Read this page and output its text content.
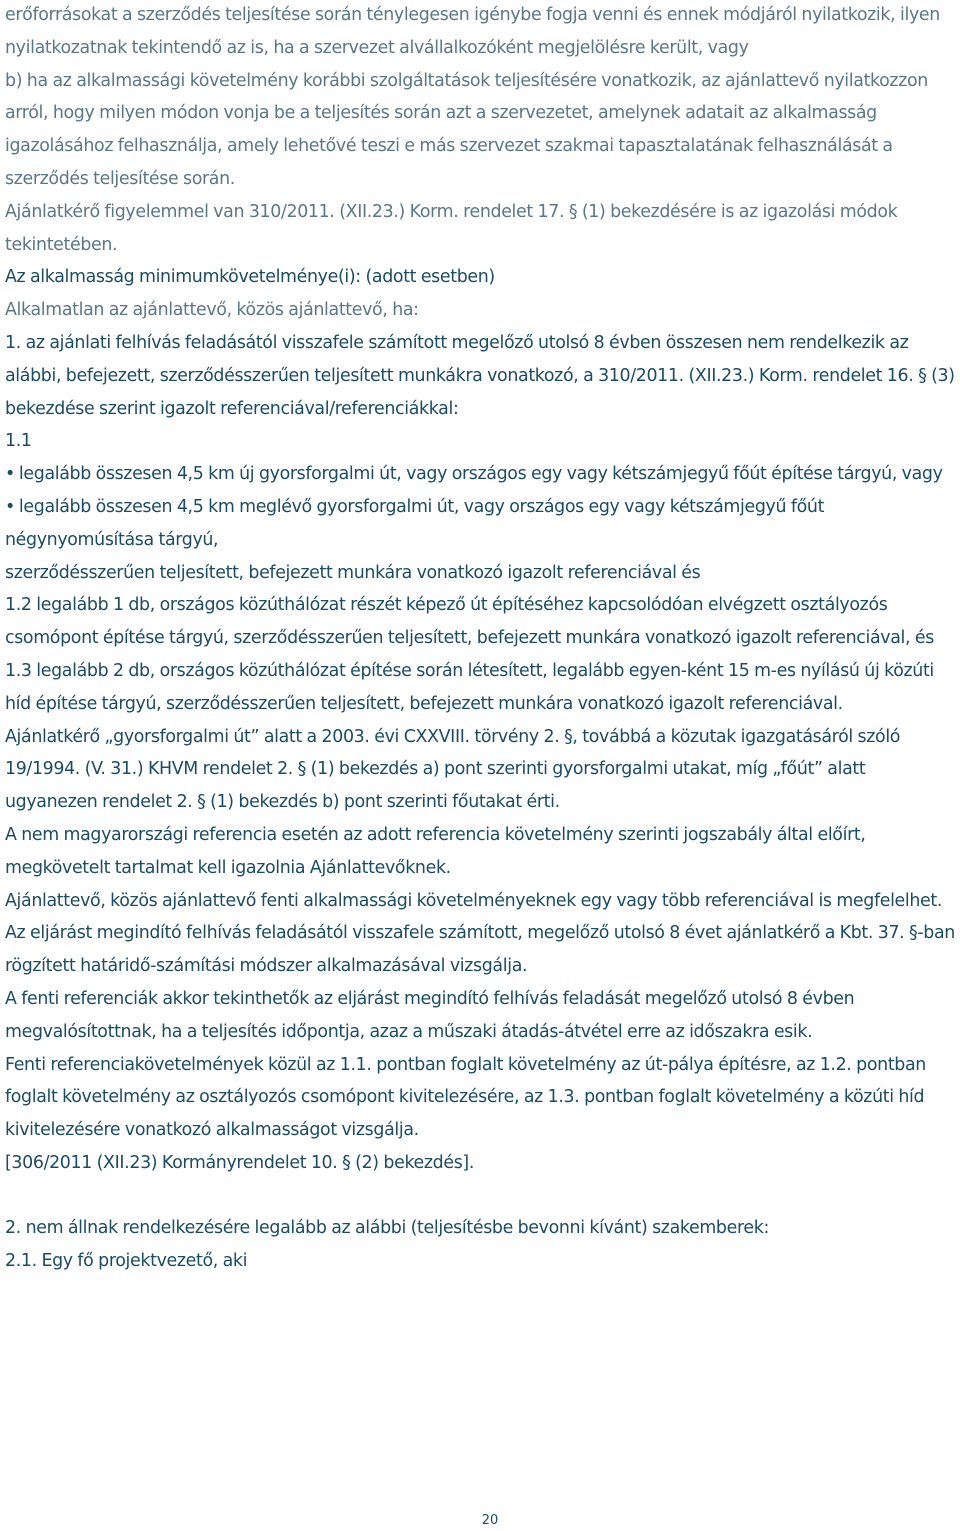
erőforrásokat a szerződés teljesítése során ténylegesen igénybe fogja venni és ennek módjáról nyilatkozik, ilyen nyilatkozatnak tekintendő az is, ha a szervezet alvállalkozóként megjelölésre került, vagy

b) ha az alkalmassági követelmény korábbi szolgáltatások teljesítésére vonatkozik, az ajánlattevő nyilatkozzon arról, hogy milyen módon vonja be a teljesítés során azt a szervezetet, amelynek adatait az alkalmasság igazolásához felhasználja, amely lehetővé teszi e más szervezet szakmai tapasztalatának felhasználását a szerződés teljesítése során.

Ajánlatkérő figyelemmel van 310/2011. (XII.23.) Korm. rendelet 17. § (1) bekezdésére is az igazolási módok tekintetében.

Az alkalmasság minimumkövetelménye(i): (adott esetben)

Alkalmatlan az ajánlattevő, közös ajánlattevő, ha:

1. az ajánlati felhívás feladásától visszafele számított megelőző utolsó 8 évben összesen nem rendelkezik az alábbi, befejezett, szerződésszerűen teljesített munkákra vonatkozó, a 310/2011. (XII.23.) Korm. rendelet 16. § (3) bekezdése szerint igazolt referenciával/referenciákkal:

1.1

• legalább összesen 4,5 km új gyorsforgalmi út, vagy országos egy vagy kétszámjegyű főút építése tárgyú, vagy

• legalább összesen 4,5 km meglévő gyorsforgalmi út, vagy országos egy vagy kétszámjegyű főút négynyomúsítása tárgyú,

szerződésszerűen teljesített, befejezett munkára vonatkozó igazolt referenciával és

1.2 legalább 1 db, országos közúthálózat részét képező út építéséhez kapcsolódóan elvégzett osztályozós csomópont építése tárgyú, szerződésszerűen teljesített, befejezett munkára vonatkozó igazolt referenciával, és

1.3 legalább 2 db, országos közúthálózat építése során létesített, legalább egyen-ként 15 m-es nyílású új közúti híd építése tárgyú, szerződésszerűen teljesített, befejezett munkára vonatkozó igazolt referenciával.

Ajánlatkérő „gyorsforgalmi út” alatt a 2003. évi CXXVIII. törvény 2. §, továbbá a közutak igazgatásáról szóló 19/1994. (V. 31.) KHVM rendelet 2. § (1) bekezdés a) pont szerinti gyorsforgalmi utakat, míg „főút” alatt ugyanezen rendelet 2. § (1) bekezdés b) pont szerinti főutakat érti.

A nem magyarországi referencia esetén az adott referencia követelmény szerinti jogszabály által előírt, megkövetelt tartalmat kell igazolnia Ajánlattevőknek.

Ajánlattevő, közös ajánlattevő fenti alkalmassági követelményeknek egy vagy több referenciával is megfelelhet.

Az eljárást megindító felhívás feladásától visszafele számított, megelőző utolsó 8 évet ajánlatkérő a Kbt. 37. §-ban rögzített határidő-számítási módszer alkalmazásával vizsgálja.

A fenti referenciák akkor tekinthetők az eljárást megindító felhívás feladását megelőző utolsó 8 évben megvalósítottnak, ha a teljesítés időpontja, azaz a műszaki átadás-átvétel erre az időszakra esik.

Fenti referenciakövetelmények közül az 1.1. pontban foglalt követelmény az út-pálya építésre, az 1.2. pontban foglalt követelmény az osztályozós csomópont kivitelezésére, az 1.3. pontban foglalt követelmény a közúti híd kivitelezésére vonatkozó alkalmasságot vizsgálja.

[306/2011 (XII.23) Kormányrendelet 10. § (2) bekezdés].

2. nem állnak rendelkezésére legalább az alábbi (teljesítésbe bevonni kívánt) szakemberek:

2.1. Egy fő projektvezető, aki

20
